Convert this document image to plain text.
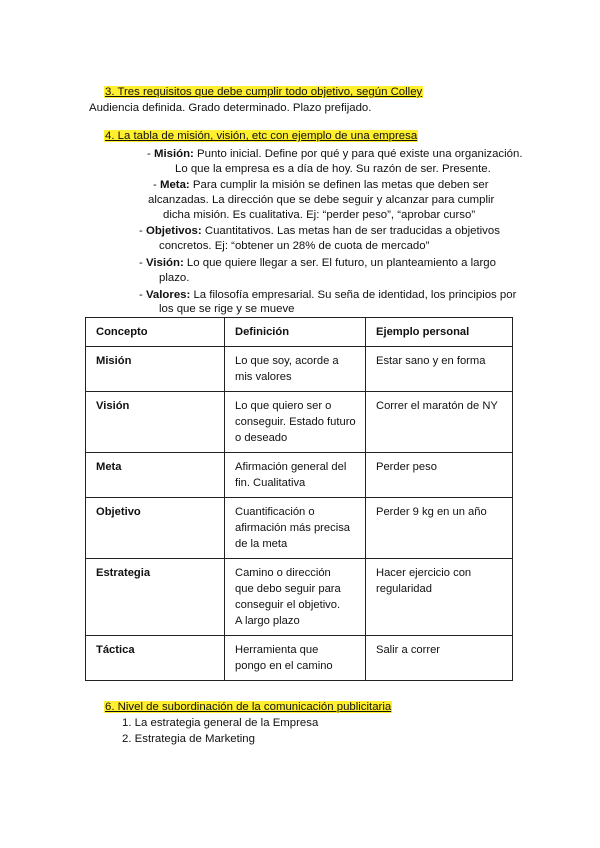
3. Tres requisitos que debe cumplir todo objetivo, según Colley
Audiencia definida. Grado determinado. Plazo prefijado.
4. La tabla de misión, visión, etc con ejemplo de una empresa
- Misión: Punto inicial. Define por qué y para qué existe una organización.
Lo que la empresa es a día de hoy. Su razón de ser. Presente.
- Meta: Para cumplir la misión se definen las metas que deben ser
alcanzadas. La dirección que se debe seguir y alcanzar para cumplir
dicha misión. Es cualitativa. Ej: “perder peso”, “aprobar curso”
- Objetivos: Cuantitativos. Las metas han de ser traducidas a objetivos
concretos. Ej: “obtener un 28% de cuota de mercado”
- Visión: Lo que quiere llegar a ser. El futuro, un planteamiento a largo
plazo.
- Valores: La filosofía empresarial. Su seña de identidad, los principios por
los que se rige y se mueve
Concepto	Definición	Ejemplo personal
Misión	Lo que soy, acorde a
mis valores	Estar sano y en forma

Visión	Lo que quiero ser o
conseguir. Estado futuro
o deseado	Correr el maratón de NY

Meta	Afirmación general del
fin. Cualitativa	Perder peso

Objetivo	Cuantificación o
afirmación más precisa
de la meta	Perder 9 kg en un año

Estrategia	Camino o dirección
que debo seguir para
conseguir el objetivo.
A largo plazo	Hacer ejercicio con
regularidad

Táctica	Herramienta que
pongo en el camino	Salir a correr
6. Nivel de subordinación de la comunicación publicitaria
1. La estrategia general de la Empresa
2. Estrategia de Marketing
